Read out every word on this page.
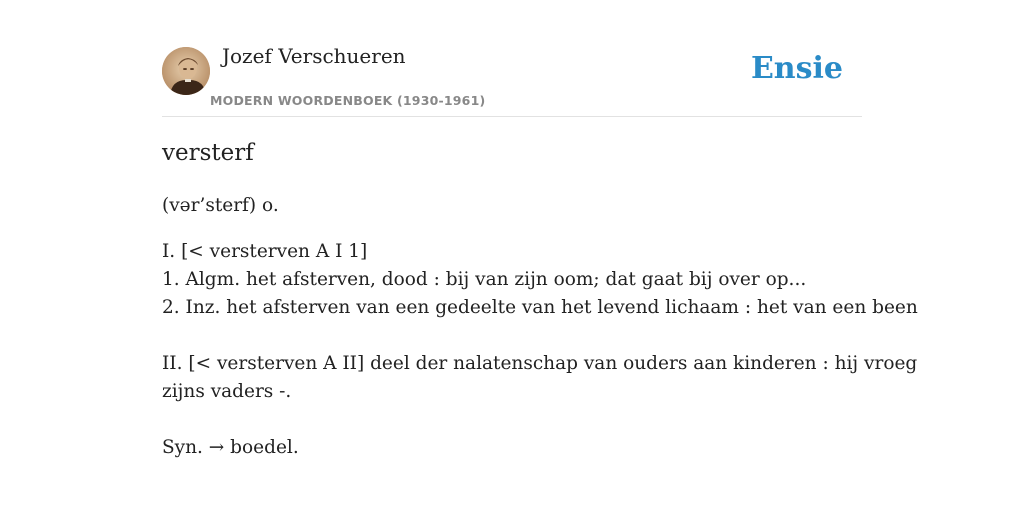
Jozef Verschueren
MODERN WOORDENBOEK (1930-1961)
Ensie
versterf
(vər’sterf) o.
I. [< versterven A I 1]
1. Algm. het afsterven, dood : bij van zijn oom; dat gaat bij over op...
2. Inz. het afsterven van een gedeelte van het levend lichaam : het van een been
II. [< versterven A II] deel der nalatenschap van ouders aan kinderen : hij vroeg
zijns vaders -.
Syn. → boedel.
